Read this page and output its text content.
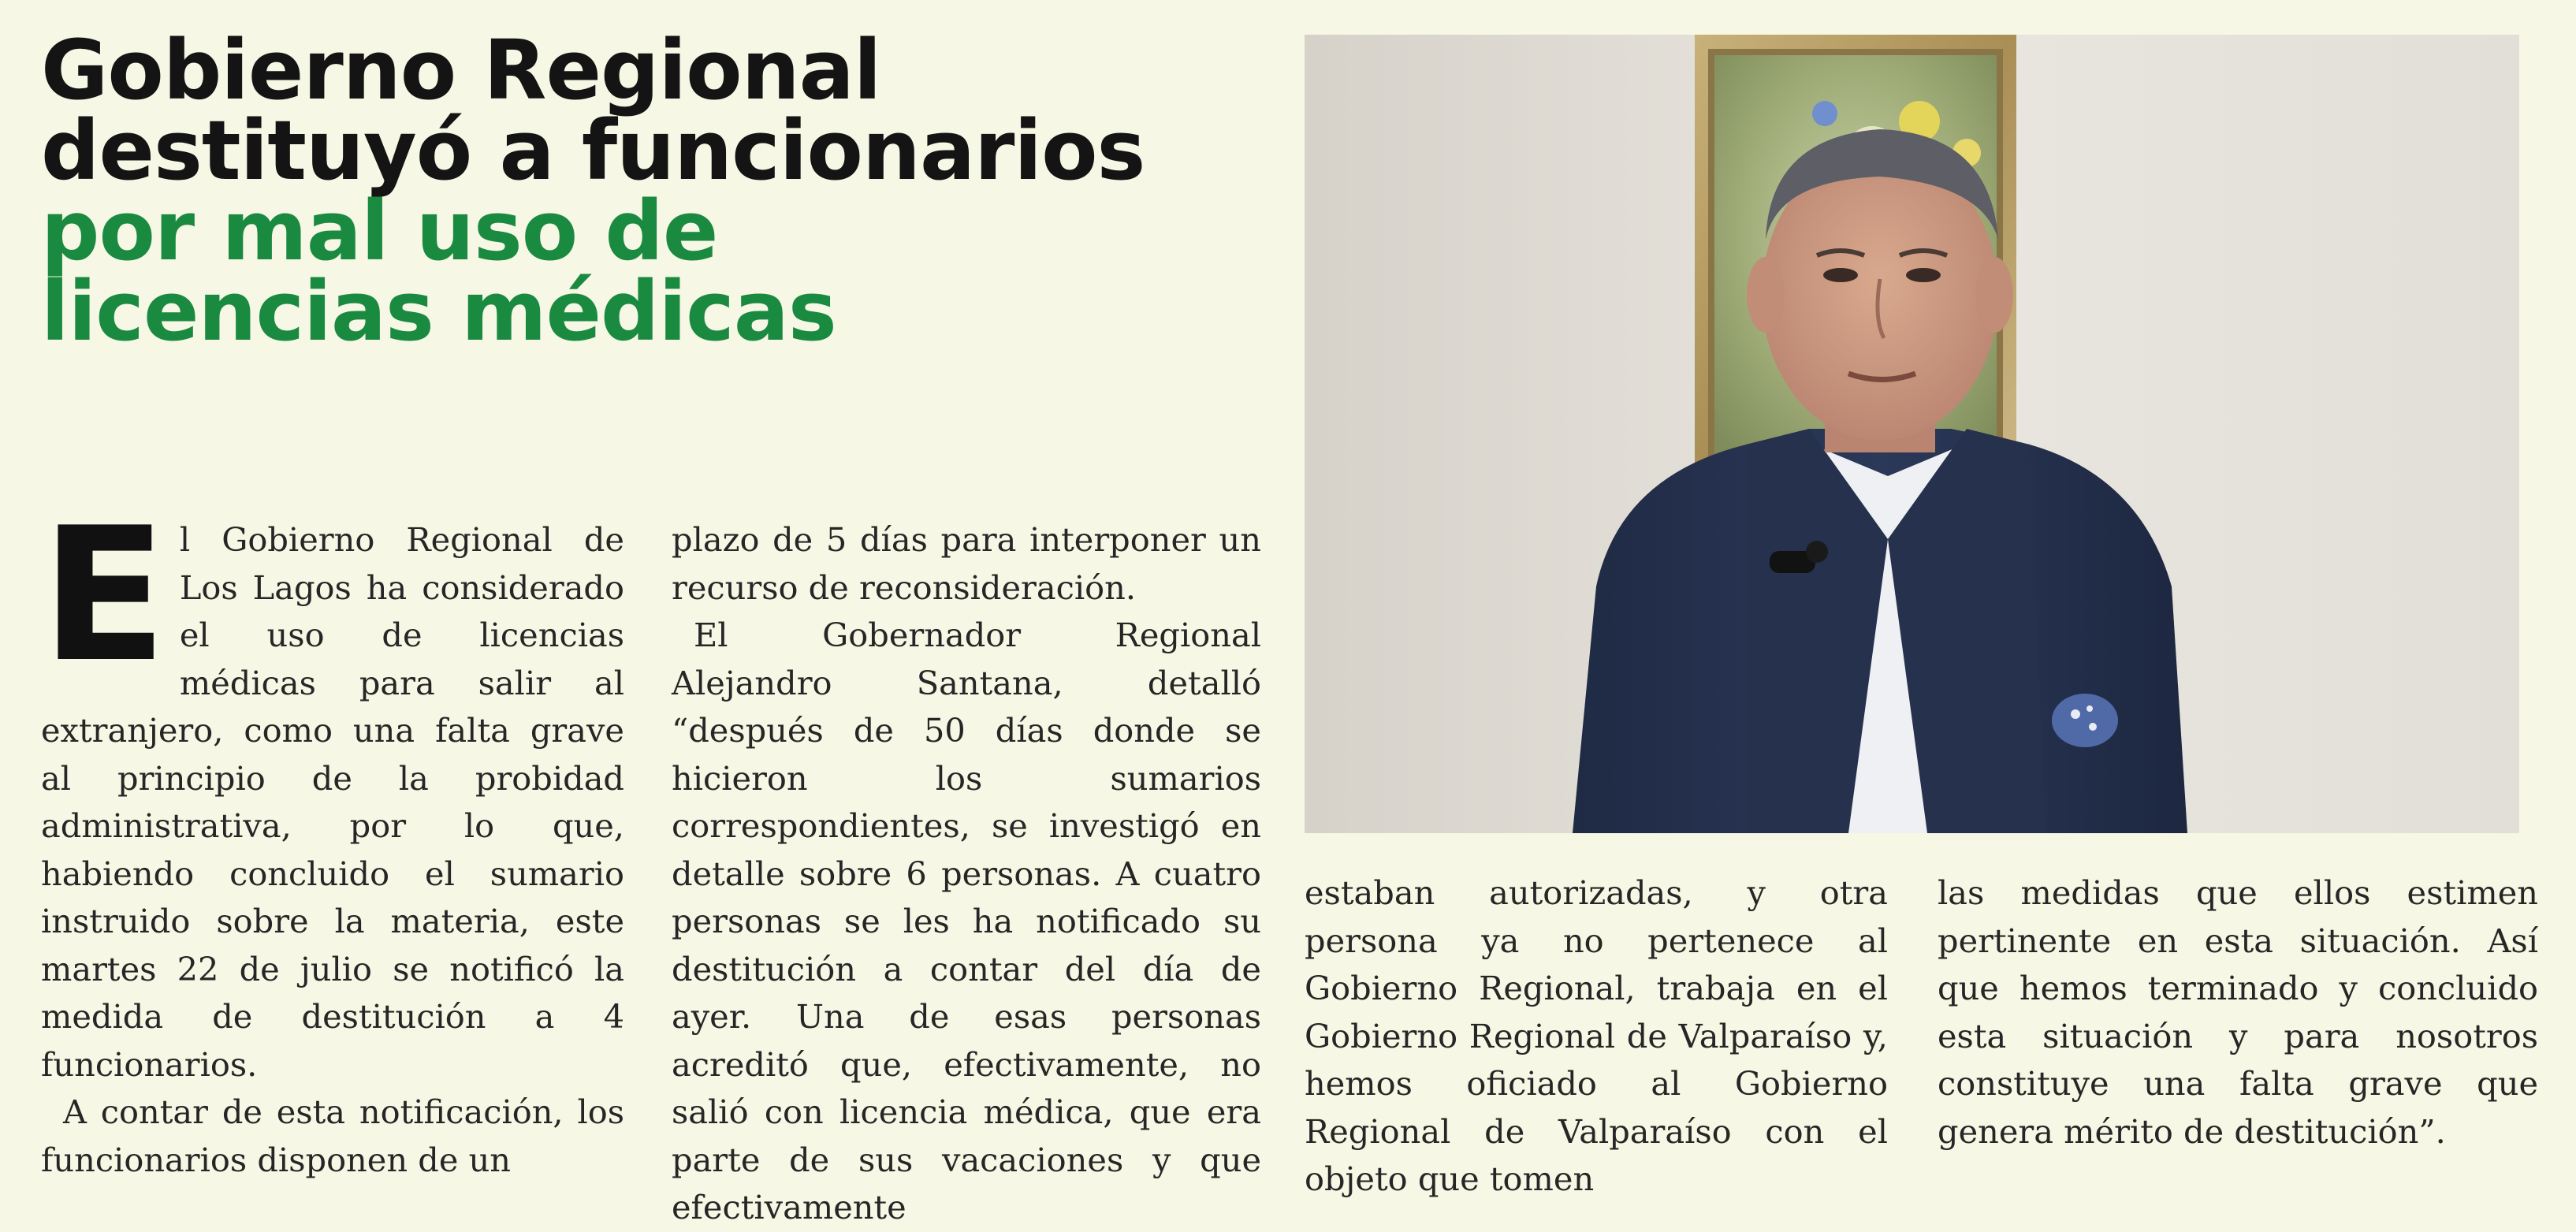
Gobierno Regional
destituyó a funcionarios
por mal uso de
licencias médicas

El Gobierno Regional de Los Lagos ha considerado el uso de licencias médicas para salir al extranjero, como una falta grave al principio de la probidad administrativa, por lo que, habiendo concluido el sumario instruido sobre la materia, este martes 22 de julio se notificó la medida de destitución a 4 funcionarios.

A contar de esta notificación, los funcionarios disponen de un

plazo de 5 días para interponer un recurso de reconsideración.

El Gobernador Regional Alejandro Santana, detalló “después de 50 días donde se hicieron los sumarios correspondientes, se investigó en detalle sobre 6 personas. A cuatro personas se les ha notificado su destitución a contar del día de ayer. Una de esas personas acreditó que, efectivamente, no salió con licencia médica, que era parte de sus vacaciones y que efectivamente

estaban autorizadas, y otra persona ya no pertenece al Gobierno Regional, trabaja en el Gobierno Regional de Valparaíso y, hemos oficiado al Gobierno Regional de Valparaíso con el objeto que tomen

las medidas que ellos estimen pertinente en esta situación. Así que hemos terminado y concluido esta situación y para nosotros constituye una falta grave que genera mérito de destitución”.
